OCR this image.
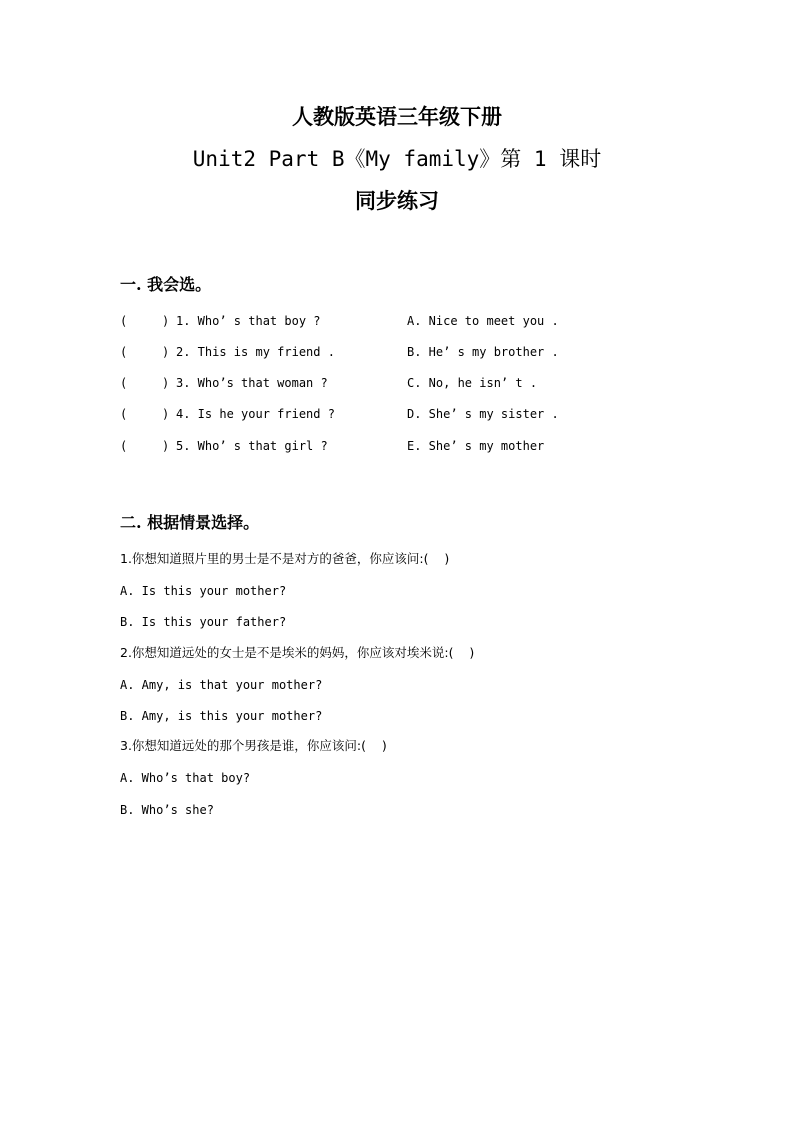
人教版英语三年级下册
Unit2 Part B《My family》第 1 课时
同步练习
一. 我会选。
(	) 1. Who’ s that boy ?	A. Nice to meet you .
(	) 2. This is my friend .	B. He’ s my brother .
(	) 3. Who’s that woman ?	C. No, he isn’ t .
(	) 4. Is he your friend ?	D. She’ s my sister .
(	) 5. Who’ s that girl ?	E. She’ s my mother
二. 根据情景选择。
1.你想知道照片里的男士是不是对方的爸爸，你应该问:(    )
A. Is this your mother?
B. Is this your father?
2.你想知道远处的女士是不是埃米的妈妈，你应该对埃米说:(    )
A. Amy, is that your mother?
B. Amy, is this your mother?
3.你想知道远处的那个男孩是谁，你应该问:(    )
A. Who’s that boy?
B. Who’s she?
